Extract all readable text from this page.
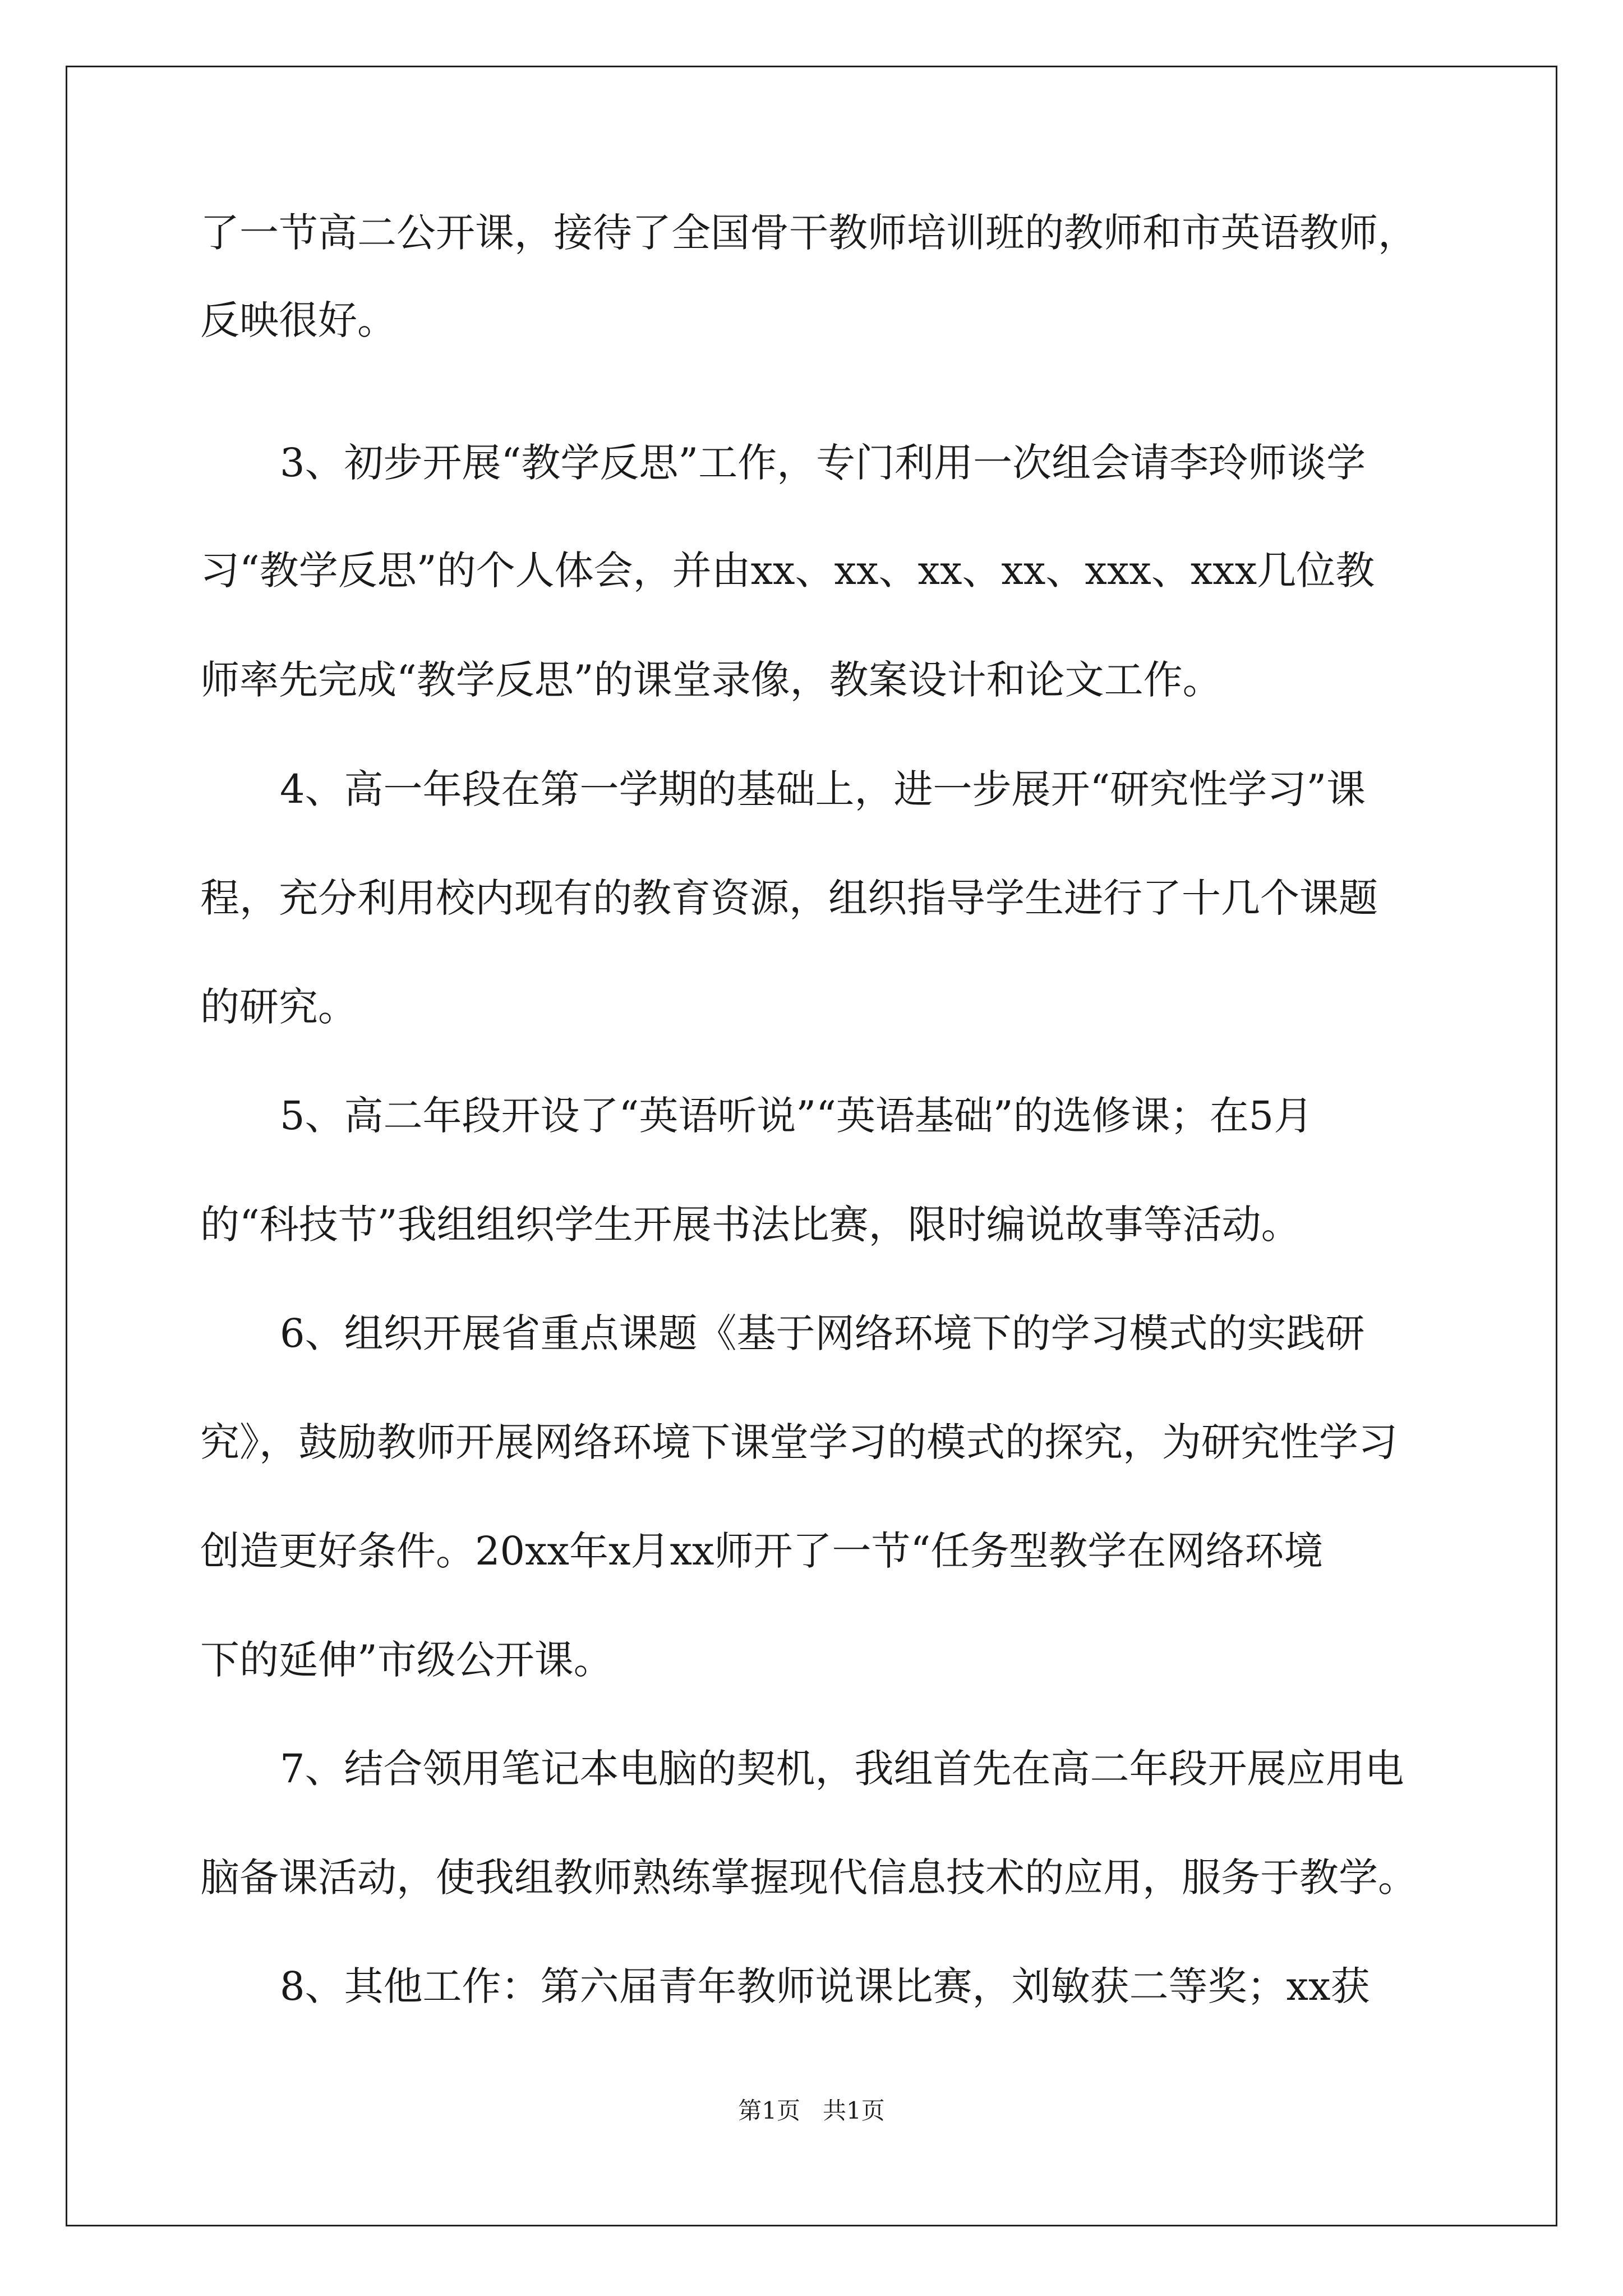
了一节高二公开课，接待了全国骨干教师培训班的教师和市英语教师，
反映很好。
3、初步开展“教学反思”工作，专门利用一次组会请李玲师谈学
习“教学反思”的个人体会，并由xx、xx、xx、xx、xxx、xxx几位教
师率先完成“教学反思”的课堂录像，教案设计和论文工作。
4、高一年段在第一学期的基础上，进一步展开“研究性学习”课
程，充分利用校内现有的教育资源，组织指导学生进行了十几个课题
的研究。
5、高二年段开设了“英语听说”“英语基础”的选修课；在5月
的“科技节”我组组织学生开展书法比赛，限时编说故事等活动。
6、组织开展省重点课题《基于网络环境下的学习模式的实践研
究》，鼓励教师开展网络环境下课堂学习的模式的探究，为研究性学习
创造更好条件。20xx年x月xx师开了一节“任务型教学在网络环境
下的延伸”市级公开课。
7、结合领用笔记本电脑的契机，我组首先在高二年段开展应用电
脑备课活动，使我组教师熟练掌握现代信息技术的应用，服务于教学。
8、其他工作：第六届青年教师说课比赛，刘敏获二等奖；xx获
第1页   共1页
